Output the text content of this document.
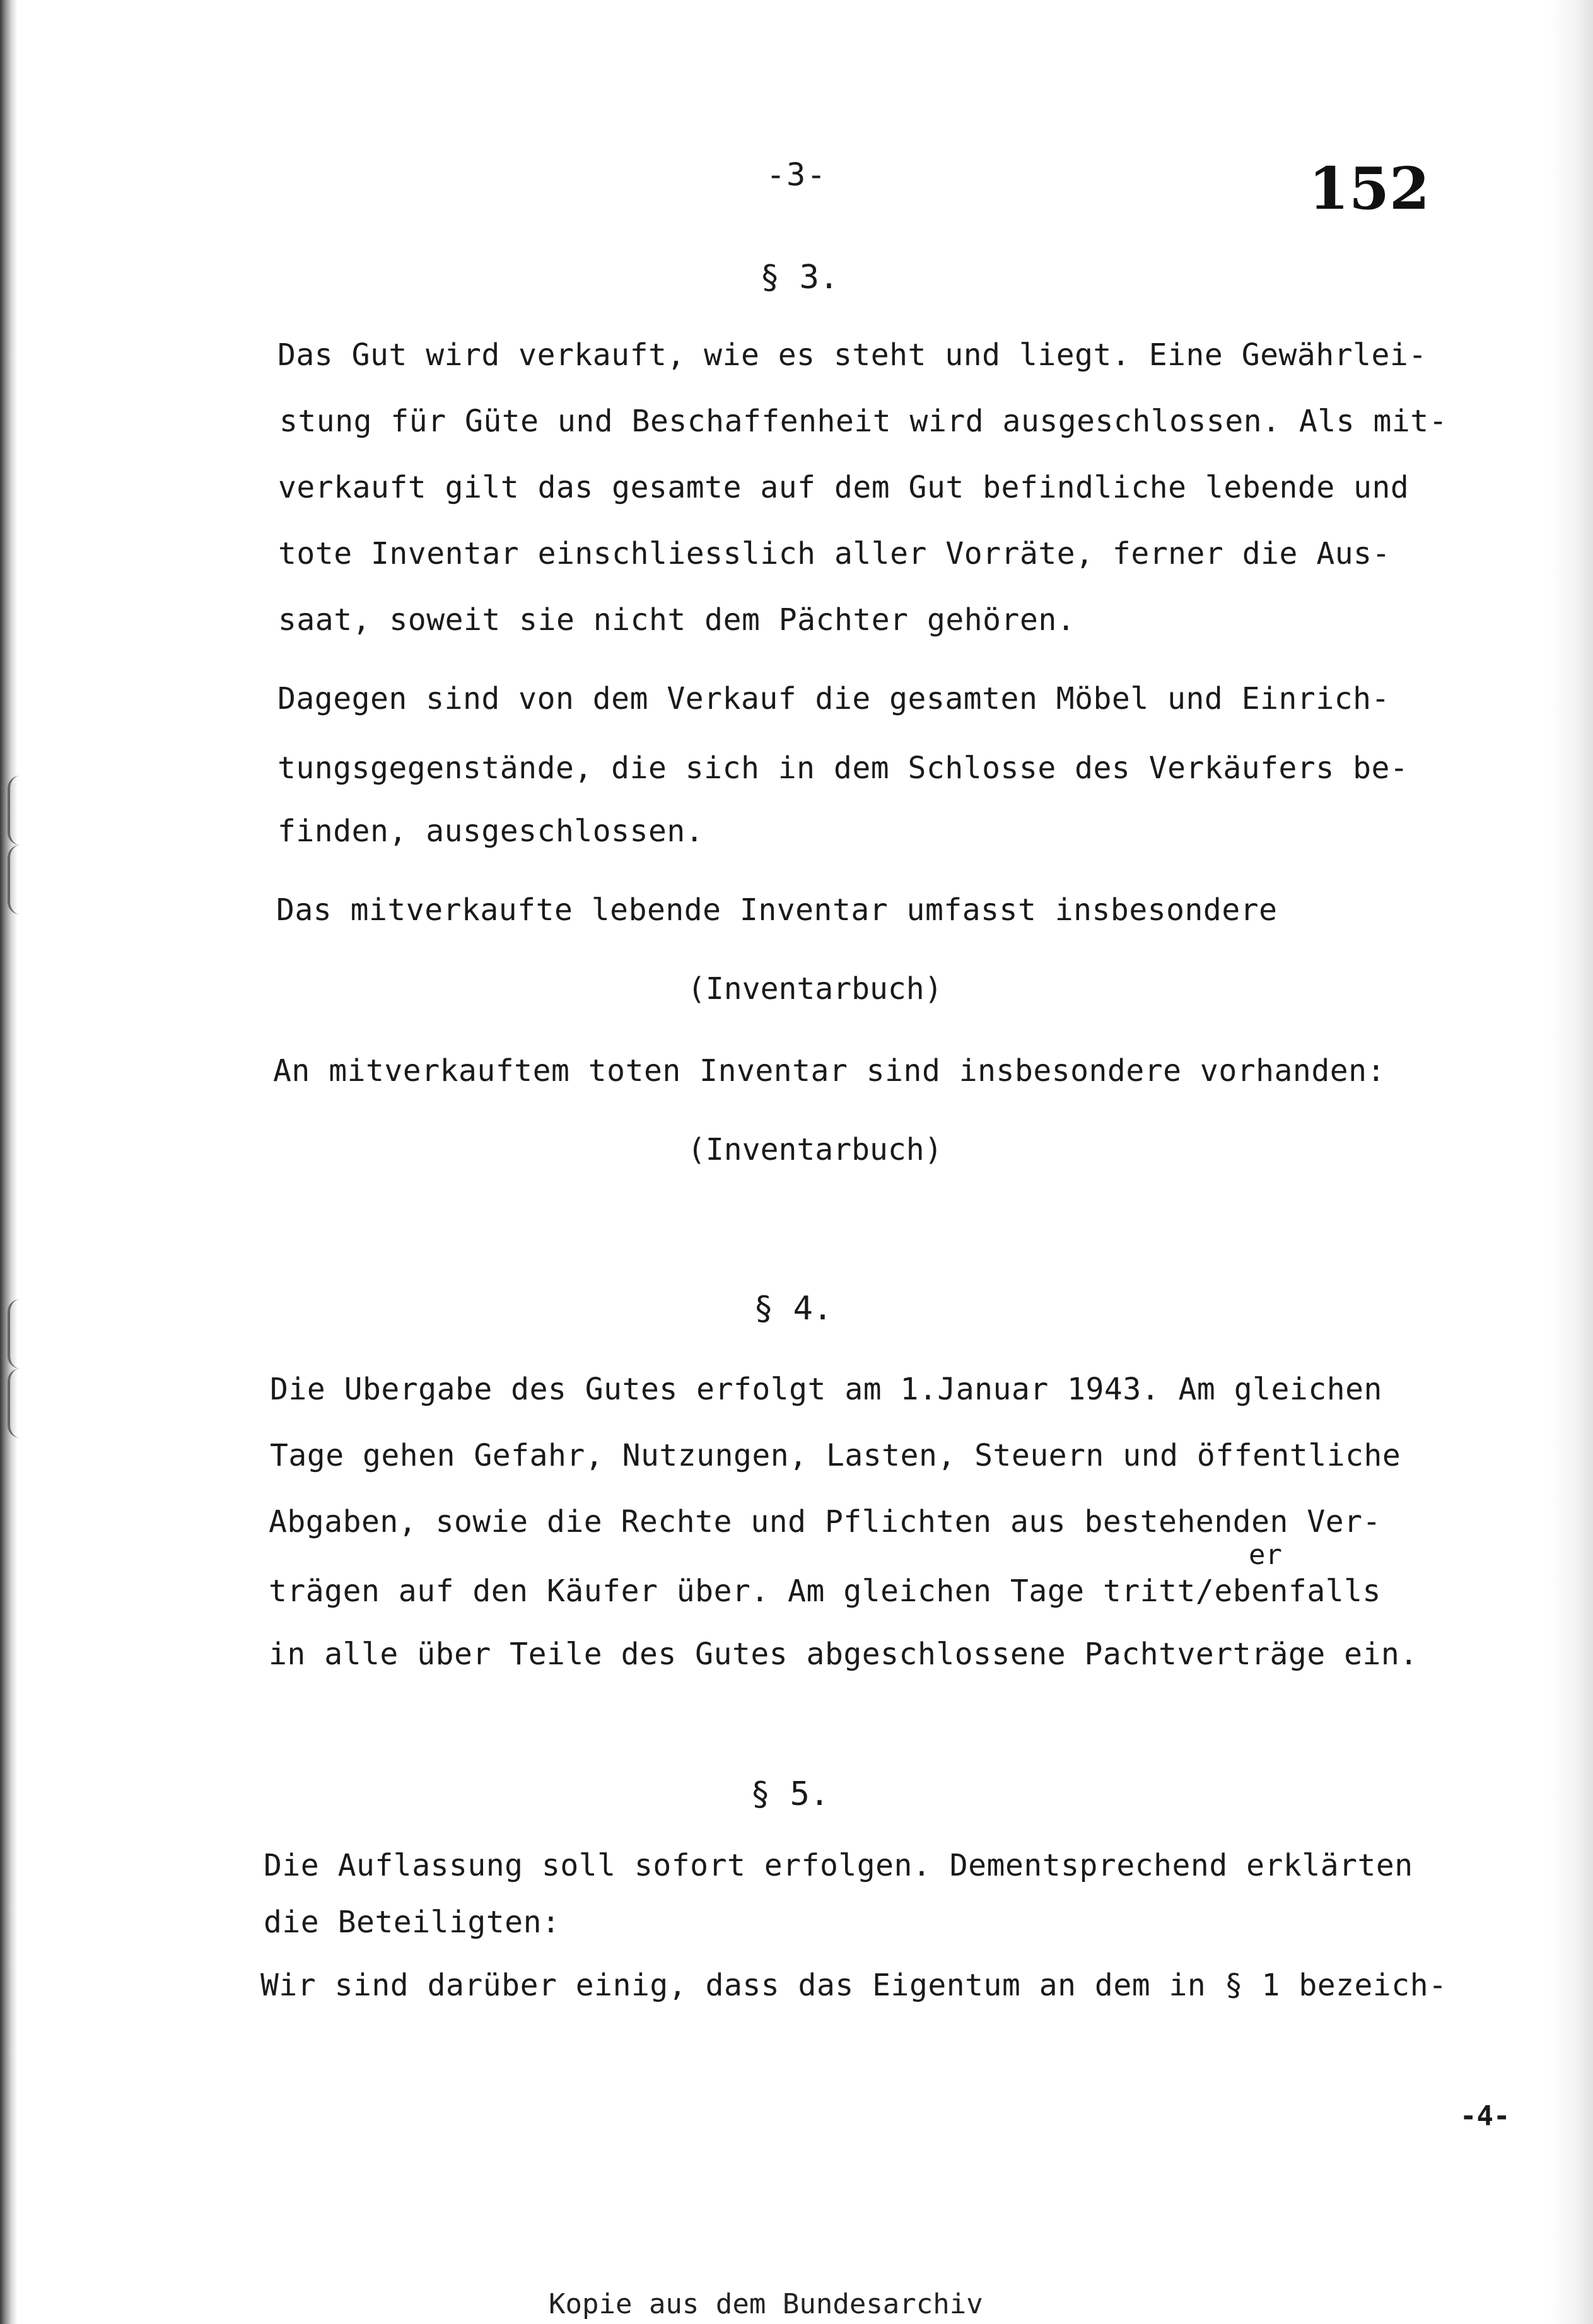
-3-	152
§ 3.
Das Gut wird verkauft, wie es steht und liegt. Eine Gewährlei-
stung für Güte und Beschaffenheit wird ausgeschlossen. Als mit-
verkauft gilt das gesamte auf dem Gut befindliche lebende und
tote Inventar einschliesslich aller Vorräte, ferner die Aus-
saat, soweit sie nicht dem Pächter gehören.
Dagegen sind von dem Verkauf die gesamten Möbel und Einrich-
tungsgegenstände, die sich in dem Schlosse des Verkäufers be-
finden, ausgeschlossen.
Das mitverkaufte lebende Inventar umfasst insbesondere
(Inventarbuch)
An mitverkauftem toten Inventar sind insbesondere vorhanden:
(Inventarbuch)
§ 4.
Die Ubergabe des Gutes erfolgt am 1.Januar 1943. Am gleichen
Tage gehen Gefahr, Nutzungen, Lasten, Steuern und öffentliche
Abgaben, sowie die Rechte und Pflichten aus bestehenden Ver-
er
trägen auf den Käufer über. Am gleichen Tage tritt/ebenfalls
in alle über Teile des Gutes abgeschlossene Pachtverträge ein.
§ 5.
Die Auflassung soll sofort erfolgen. Dementsprechend erklärten
die Beteiligten:
Wir sind darüber einig, dass das Eigentum an dem in § 1 bezeich-
-4-
Kopie aus dem Bundesarchiv
